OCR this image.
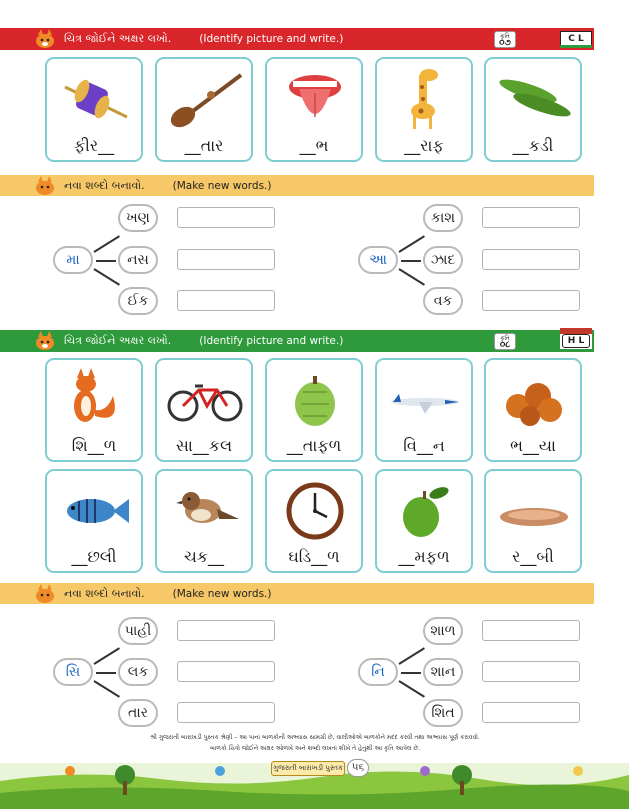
ચિત્ર જોઈને અક્ષર લખો.	(Identify picture and write.)	કૃતિ
૦૭	C L
ફીર__	__તાર	__ભ	__રાફ	__કડી
નવા શબ્દો બનાવો.	(Make new words.)
મા
ખણ
નસ
ઈક
આ
કાશ
ઝાદ
વક
ચિત્ર જોઈને અક્ષર લખો.	(Identify picture and write.)	કૃતિ
૦૮	H L
શિ__ળ	સા__કલ	__તાફળ	વિ__ન	ભ__યા
__છલી	ચક__	ઘડિ__ળ	__મફળ	ર__બી
નવા શબ્દો બનાવો.	(Make new words.)
સિ
પાહી
લક
તાર
નિ
શાળ
શાન
શિત
શ્રી ગુજરાતી બારાખડી પુસ્તક શ્રેણી – આ પાનાં બાળકોની અભ્યાસ સામગ્રી છે, વાલીઓએ બાળકોને મદદ કરવી તથા અભ્યાસ પૂર્ણ કરાવવો.
બાળકો ચિત્રો જોઈને અક્ષર ઓળખે અને શબ્દો લખતાં શીખે તે હેતુથી આ કૃતિ આપેલ છે.
ગુજરાતી બારાખડી પુસ્તક ૫૬
